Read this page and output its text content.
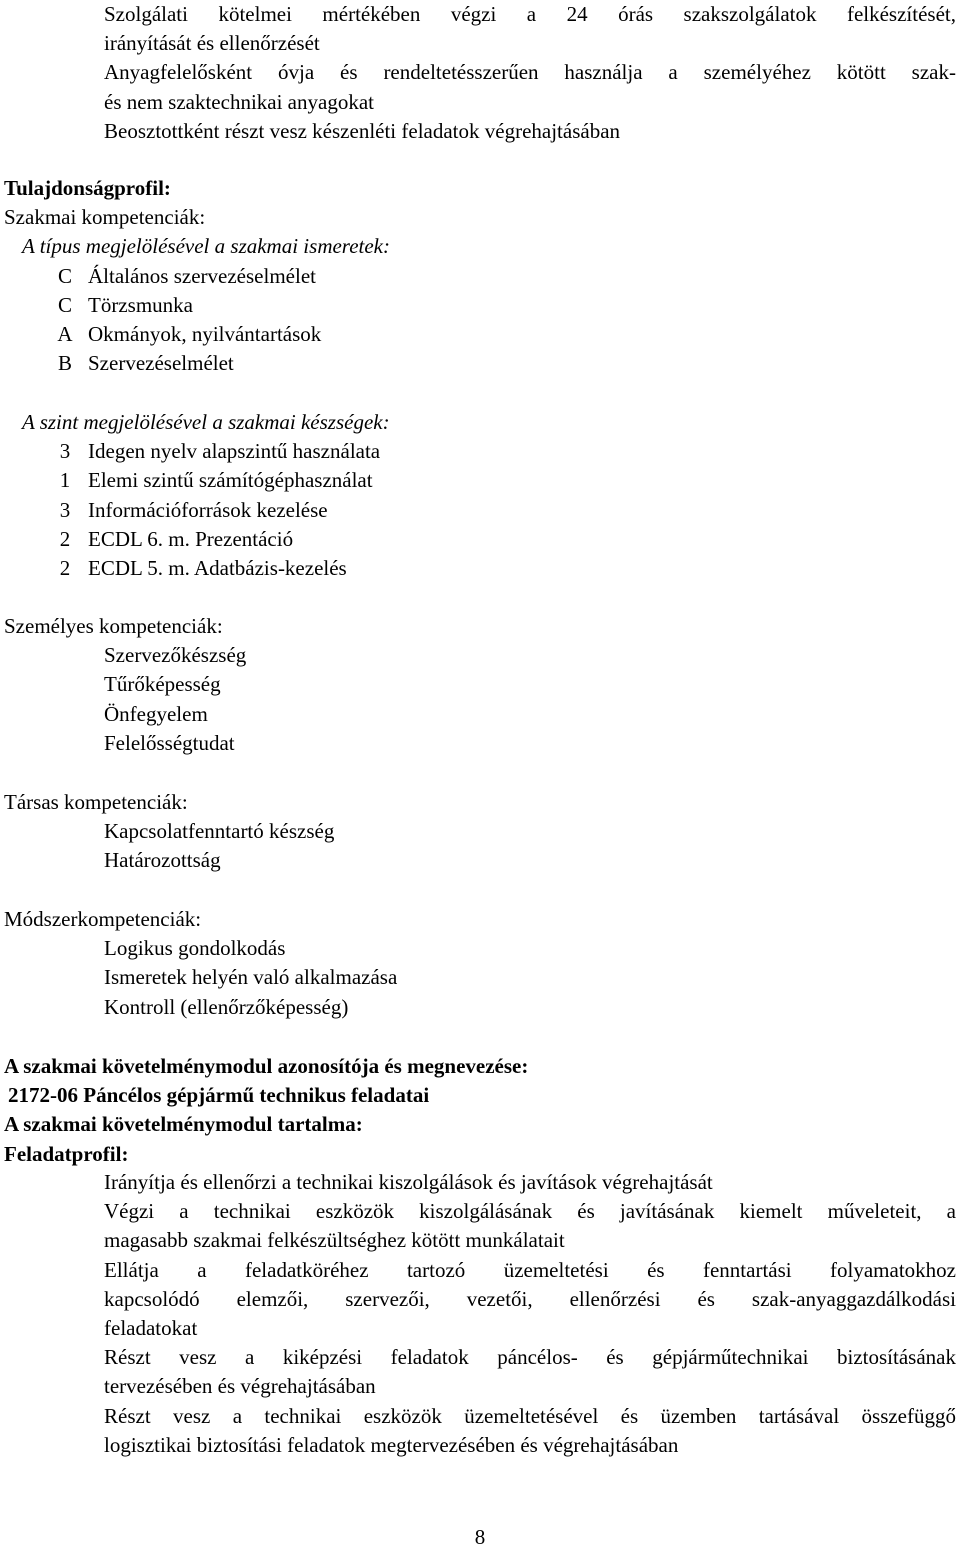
Szolgálati kötelmei mértékében végzi a 24 órás szakszolgálatok felkészítését,
irányítását és ellenőrzését
Anyagfelelősként óvja és rendeltetésszerűen használja a személyéhez kötött szak-
és nem szaktechnikai anyagokat
Beosztottként részt vesz készenléti feladatok végrehajtásában
Tulajdonságprofil:
Szakmai kompetenciák:
A típus megjelölésével a szakmai ismeretek:
C Általános szervezéselmélet
C Törzsmunka
A Okmányok, nyilvántartások
B Szervezéselmélet
A szint megjelölésével a szakmai készségek:
3 Idegen nyelv alapszintű használata
1 Elemi szintű számítógéphasználat
3 Információforrások kezelése
2 ECDL 6. m. Prezentáció
2 ECDL 5. m. Adatbázis-kezelés
Személyes kompetenciák:
Szervezőkészség
Tűrőképesség
Önfegyelem
Felelősségtudat
Társas kompetenciák:
Kapcsolatfenntartó készség
Határozottság
Módszerkompetenciák:
Logikus gondolkodás
Ismeretek helyén való alkalmazása
Kontroll (ellenőrzőképesség)
A szakmai követelménymodul azonosítója és megnevezése:
2172-06 Páncélos gépjármű technikus feladatai
A szakmai követelménymodul tartalma:
Feladatprofil:
Irányítja és ellenőrzi a technikai kiszolgálások és javítások végrehajtását
Végzi a technikai eszközök kiszolgálásának és javításának kiemelt műveleteit, a
magasabb szakmai felkészültséghez kötött munkálatait
Ellátja a feladatköréhez tartozó üzemeltetési és fenntartási folyamatokhoz
kapcsolódó elemzői, szervezői, vezetői, ellenőrzési és szak-anyaggazdálkodási
feladatokat
Részt vesz a kiképzési feladatok páncélos- és gépjárműtechnikai biztosításának
tervezésében és végrehajtásában
Részt vesz a technikai eszközök üzemeltetésével és üzemben tartásával összefüggő
logisztikai biztosítási feladatok megtervezésében és végrehajtásában
8
